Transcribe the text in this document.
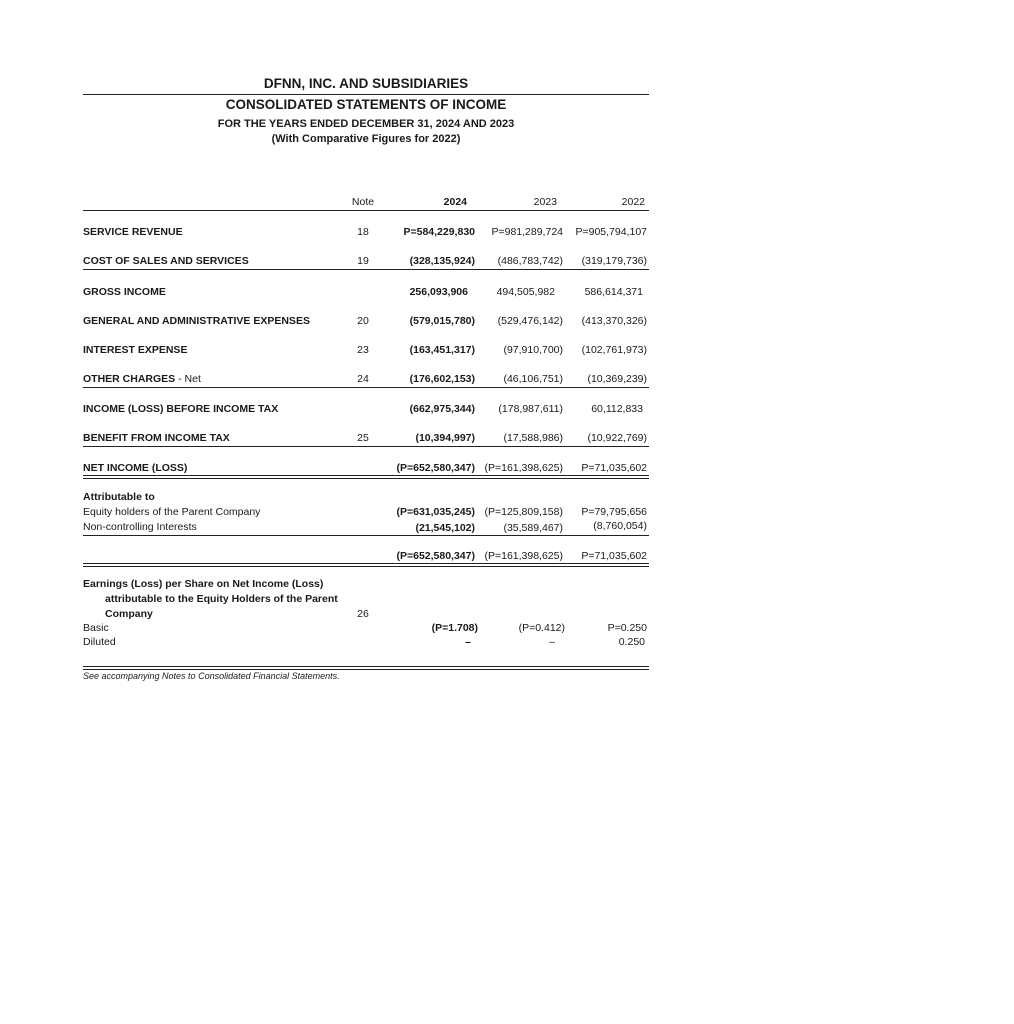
DFNN, INC. AND SUBSIDIARIES
CONSOLIDATED STATEMENTS OF INCOME
FOR THE YEARS ENDED DECEMBER 31, 2024 AND 2023
(With Comparative Figures for 2022)
Note	2024	2023	2022
SERVICE REVENUE	18	P=584,229,830	P=981,289,724	P=905,794,107
COST OF SALES AND SERVICES	19	(328,135,924)	(486,783,742)	(319,179,736)
GROSS INCOME	256,093,906	494,505,982	586,614,371
GENERAL AND ADMINISTRATIVE EXPENSES	20	(579,015,780)	(529,476,142)	(413,370,326)
INTEREST EXPENSE	23	(163,451,317)	(97,910,700)	(102,761,973)
OTHER CHARGES - Net	24	(176,602,153)	(46,106,751)	(10,369,239)
INCOME (LOSS) BEFORE INCOME TAX	(662,975,344)	(178,987,611)	60,112,833
BENEFIT FROM INCOME TAX	25	(10,394,997)	(17,588,986)	(10,922,769)
NET INCOME (LOSS)	(P=652,580,347) (P=161,398,625)	P=71,035,602
Attributable to
Equity holders of the Parent Company	(P=631,035,245) (P=125,809,158)	P=79,795,656
Non-controlling Interests	(21,545,102)	(35,589,467)	(8,760,054)
(P=652,580,347) (P=161,398,625)	P=71,035,602
Earnings (Loss) per Share on Net Income (Loss)
attributable to the Equity Holders of the Parent
Company	26
Basic	(P=1.708)	(P=0.412)	P=0.250
Diluted	–	–	0.250
See accompanying Notes to Consolidated Financial Statements.
